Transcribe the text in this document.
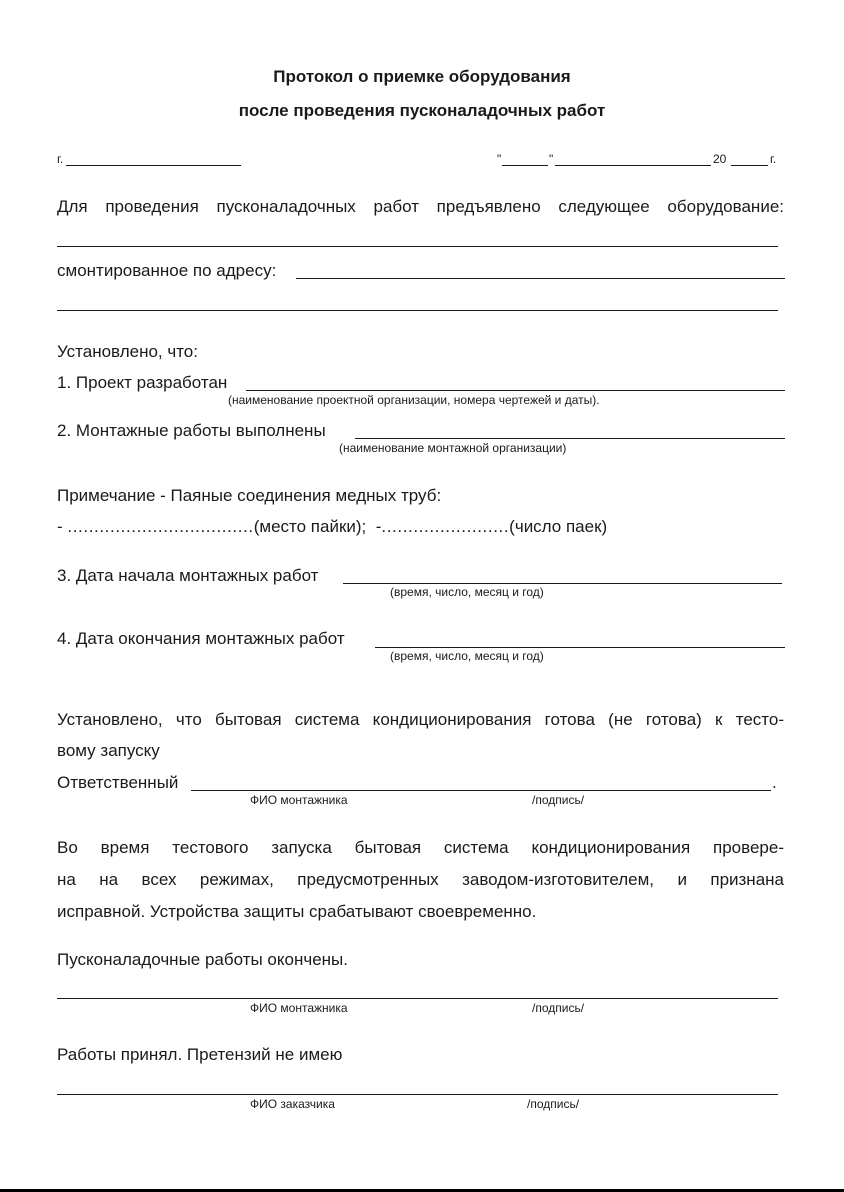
Протокол о приемке оборудования
после проведения пусконаладочных работ
г.	"	"	20	г.
Для проведения пусконаладочных работ предъявлено следующее оборудование:
смонтированное по адресу:
Установлено, что:
1. Проект разработан
(наименование проектной организации, номера чертежей и даты).
2. Монтажные работы выполнены
(наименование монтажной организации)
Примечание - Паяные соединения медных труб:
- ...................................(место пайки); -........................(число паек)
3. Дата начала монтажных работ
(время, число, месяц и год)
4. Дата окончания монтажных работ
(время, число, месяц и год)
Установлено, что бытовая система кондиционирования готова (не готова) к тесто-
вому запуску
Ответственный	.
ФИО монтажника	/подпись/
Во время тестового запуска бытовая система кондиционирования провере-
на на всех режимах, предусмотренных заводом-изготовителем, и признана
исправной. Устройства защиты срабатывают своевременно.
Пусконаладочные работы окончены.
ФИО монтажника	/подпись/
Работы принял. Претензий не имею
ФИО заказчика	/подпись/
